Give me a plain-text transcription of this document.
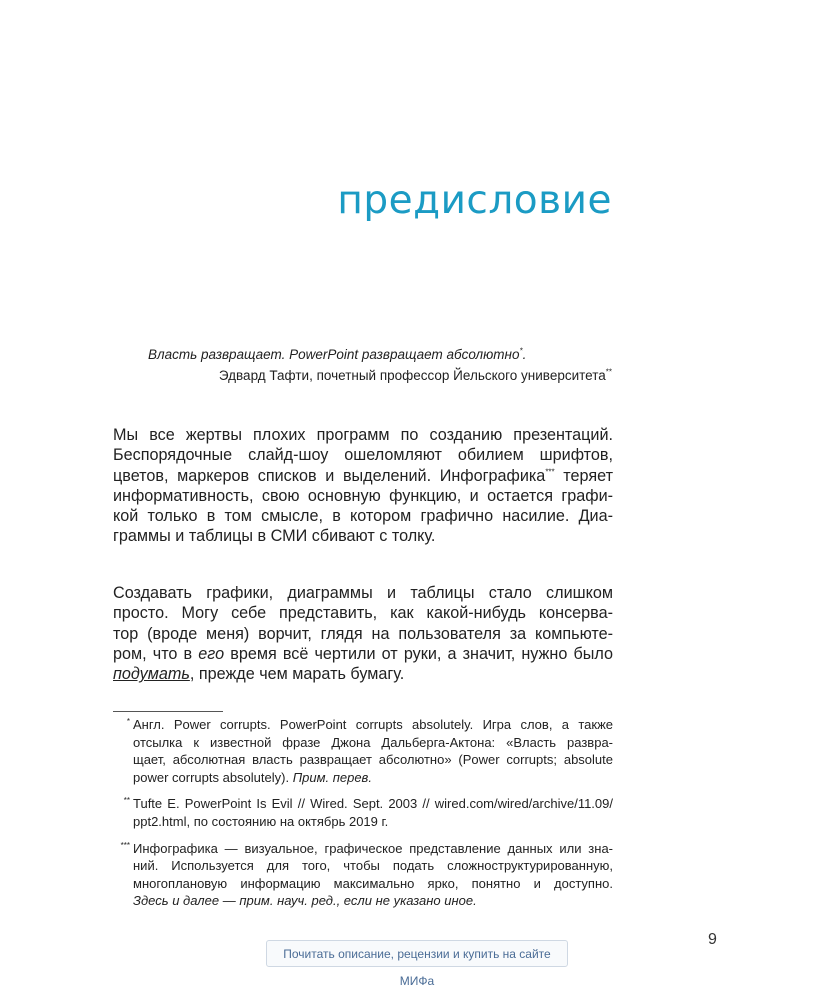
предисловие
Власть развращает. PowerPoint развращает абсолютно*.
Эдвард Тафти, почетный профессор Йельского университета**
Мы все жертвы плохих программ по созданию презентаций.
Беспорядочные слайд-шоу ошеломляют обилием шрифтов,
цветов, маркеров списков и выделений. Инфографика*** теряет
информативность, свою основную функцию, и остается графи-
кой только в том смысле, в котором графично насилие. Диа-
граммы и таблицы в СМИ сбивают с толку.
Создавать графики, диаграммы и таблицы стало слишком
просто. Могу себе представить, как какой-нибудь консерва-
тор (вроде меня) ворчит, глядя на пользователя за компьюте-
ром, что в его время всё чертили от руки, а значит, нужно было
подумать, прежде чем марать бумагу.
* Англ. Power corrupts. PowerPoint corrupts absolutely. Игра слов, а также
отсылка к известной фразе Джона Дальберга-Актона: «Власть развра-
щает, абсолютная власть развращает абсолютно» (Power corrupts; absolute
power corrupts absolutely). Прим. перев.
** Tufte E. PowerPoint Is Evil // Wired. Sept. 2003 // wired.com/wired/archive/11.09/
ppt2.html, по состоянию на октябрь 2019 г.
*** Инфографика — визуальное, графическое представление данных или зна-
ний. Используется для того, чтобы подать сложноструктурированную,
многоплановую информацию максимально ярко, понятно и доступно.
Здесь и далее — прим. науч. ред., если не указано иное.
9
Почитать описание, рецензии и купить на сайте МИФа
